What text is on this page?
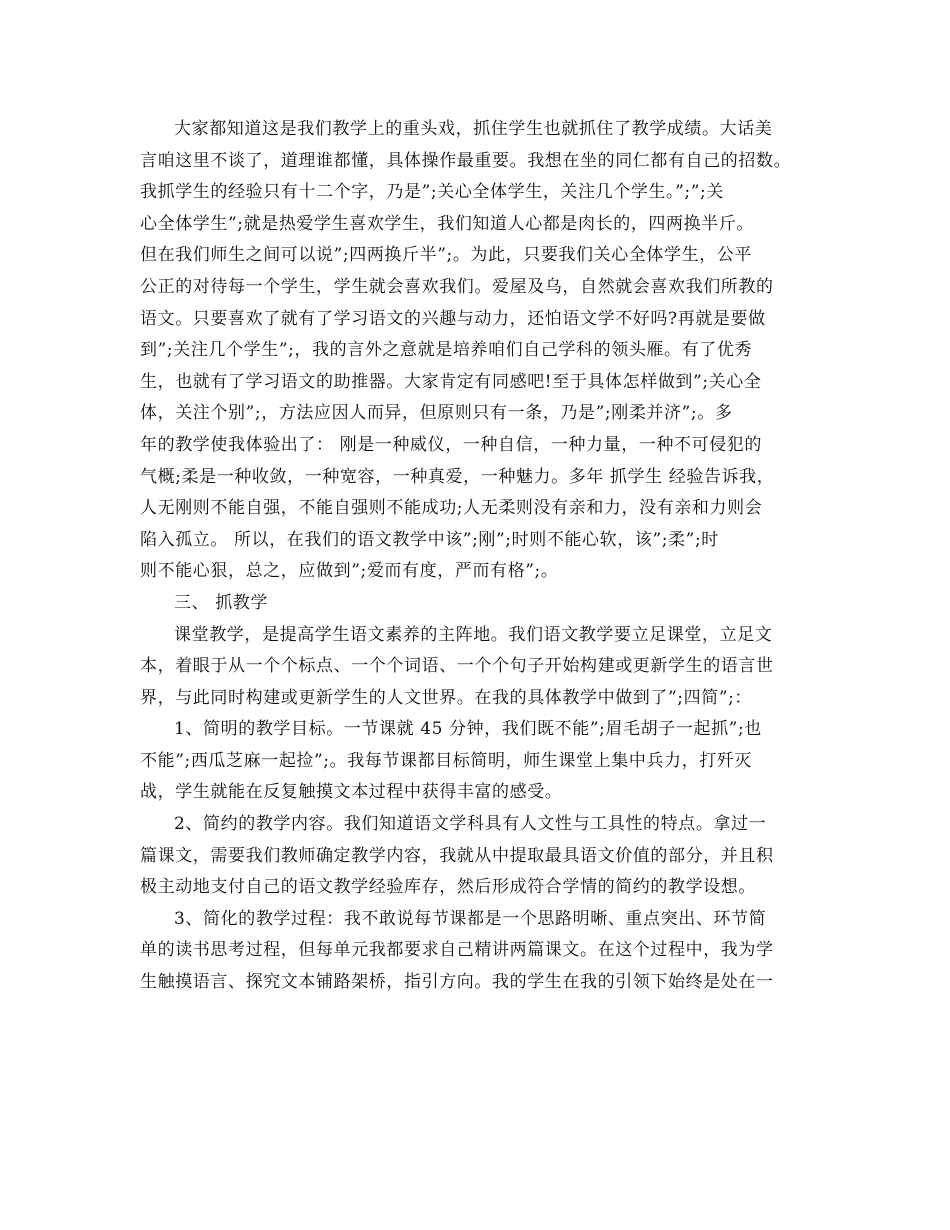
大家都知道这是我们教学上的重头戏，抓住学生也就抓住了教学成绩。大话美
言咱这里不谈了，道理谁都懂，具体操作最重要。我想在坐的同仁都有自己的招数。
我抓学生的经验只有十二个字，乃是”;关心全体学生，关注几个学生。”;”;关
心全体学生”;就是热爱学生喜欢学生，我们知道人心都是肉长的，四两换半斤。
但在我们师生之间可以说”;四两换斤半”;。为此，只要我们关心全体学生，公平
公正的对待每一个学生，学生就会喜欢我们。爱屋及乌，自然就会喜欢我们所教的
语文。只要喜欢了就有了学习语文的兴趣与动力，还怕语文学不好吗?再就是要做
到”;关注几个学生”;，我的言外之意就是培养咱们自己学科的领头雁。有了优秀
生，也就有了学习语文的助推器。大家肯定有同感吧!至于具体怎样做到”;关心全
体，关注个别”;，方法应因人而异，但原则只有一条，乃是”;刚柔并济”;。多
年的教学使我体验出了： 刚是一种威仪，一种自信，一种力量，一种不可侵犯的
气概;柔是一种收敛，一种宽容，一种真爱，一种魅力。多年 抓学生 经验告诉我，
人无刚则不能自强，不能自强则不能成功;人无柔则没有亲和力，没有亲和力则会
陷入孤立。 所以，在我们的语文教学中该”;刚”;时则不能心软，该”;柔”;时
则不能心狠，总之，应做到”;爱而有度，严而有格”;。
三、 抓教学
课堂教学，是提高学生语文素养的主阵地。我们语文教学要立足课堂，立足文
本，着眼于从一个个标点、一个个词语、一个个句子开始构建或更新学生的语言世
界，与此同时构建或更新学生的人文世界。在我的具体教学中做到了”;四简”;：
1、简明的教学目标。一节课就 45 分钟，我们既不能”;眉毛胡子一起抓”;也
不能”;西瓜芝麻一起捡”;。我每节课都目标简明，师生课堂上集中兵力，打歼灭
战，学生就能在反复触摸文本过程中获得丰富的感受。
2、简约的教学内容。我们知道语文学科具有人文性与工具性的特点。拿过一
篇课文，需要我们教师确定教学内容，我就从中提取最具语文价值的部分，并且积
极主动地支付自己的语文教学经验库存，然后形成符合学情的简约的教学设想。
3、简化的教学过程：我不敢说每节课都是一个思路明晰、重点突出、环节简
单的读书思考过程，但每单元我都要求自己精讲两篇课文。在这个过程中，我为学
生触摸语言、探究文本铺路架桥，指引方向。我的学生在我的引领下始终是处在一
